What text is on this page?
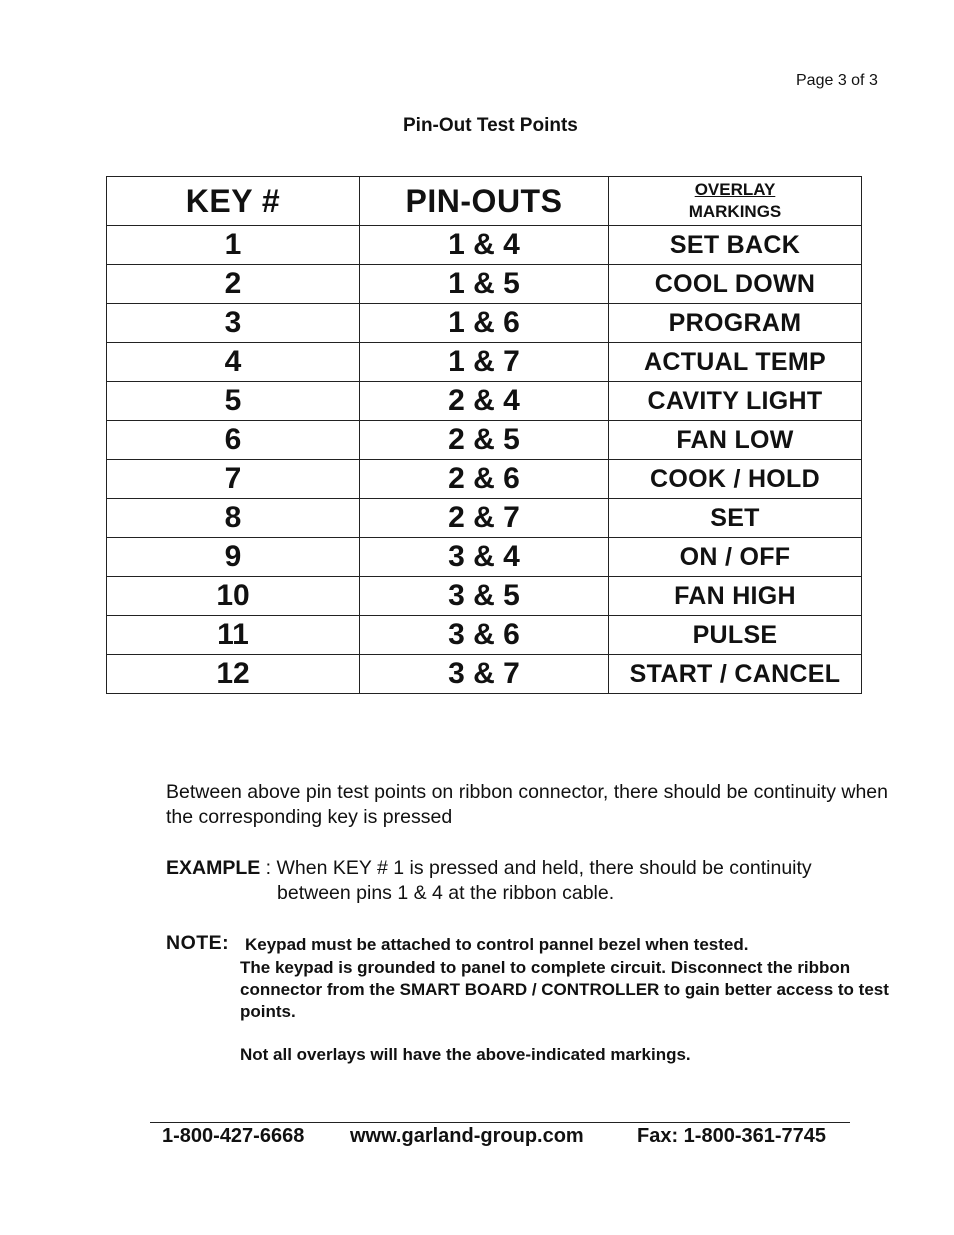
Page 3 of 3
Pin-Out Test Points
KEY #	PIN-OUTS	OVERLAY
MARKINGS
1	1 & 4	SET BACK
2	1 & 5	COOL DOWN
3	1 & 6	PROGRAM
4	1 & 7	ACTUAL TEMP
5	2 & 4	CAVITY LIGHT
6	2 & 5	FAN LOW
7	2 & 6	COOK / HOLD
8	2 & 7	SET
9	3 & 4	ON / OFF
10	3 & 5	FAN HIGH
11	3 & 6	PULSE
12	3 & 7	START / CANCEL
Between above pin test points on ribbon connector, there should be continuity when the corresponding key is pressed
EXAMPLE : When KEY # 1 is pressed and held, there should be continuity
between pins 1 & 4 at the ribbon cable.
NOTE: Keypad must be attached to control pannel bezel when tested.
The keypad is grounded to panel to complete circuit. Disconnect the ribbon connector from the SMART BOARD / CONTROLLER to gain better access to test points.
Not all overlays will have the above-indicated markings.
1-800-427-6668 www.garland-group.com	Fax: 1-800-361-7745
